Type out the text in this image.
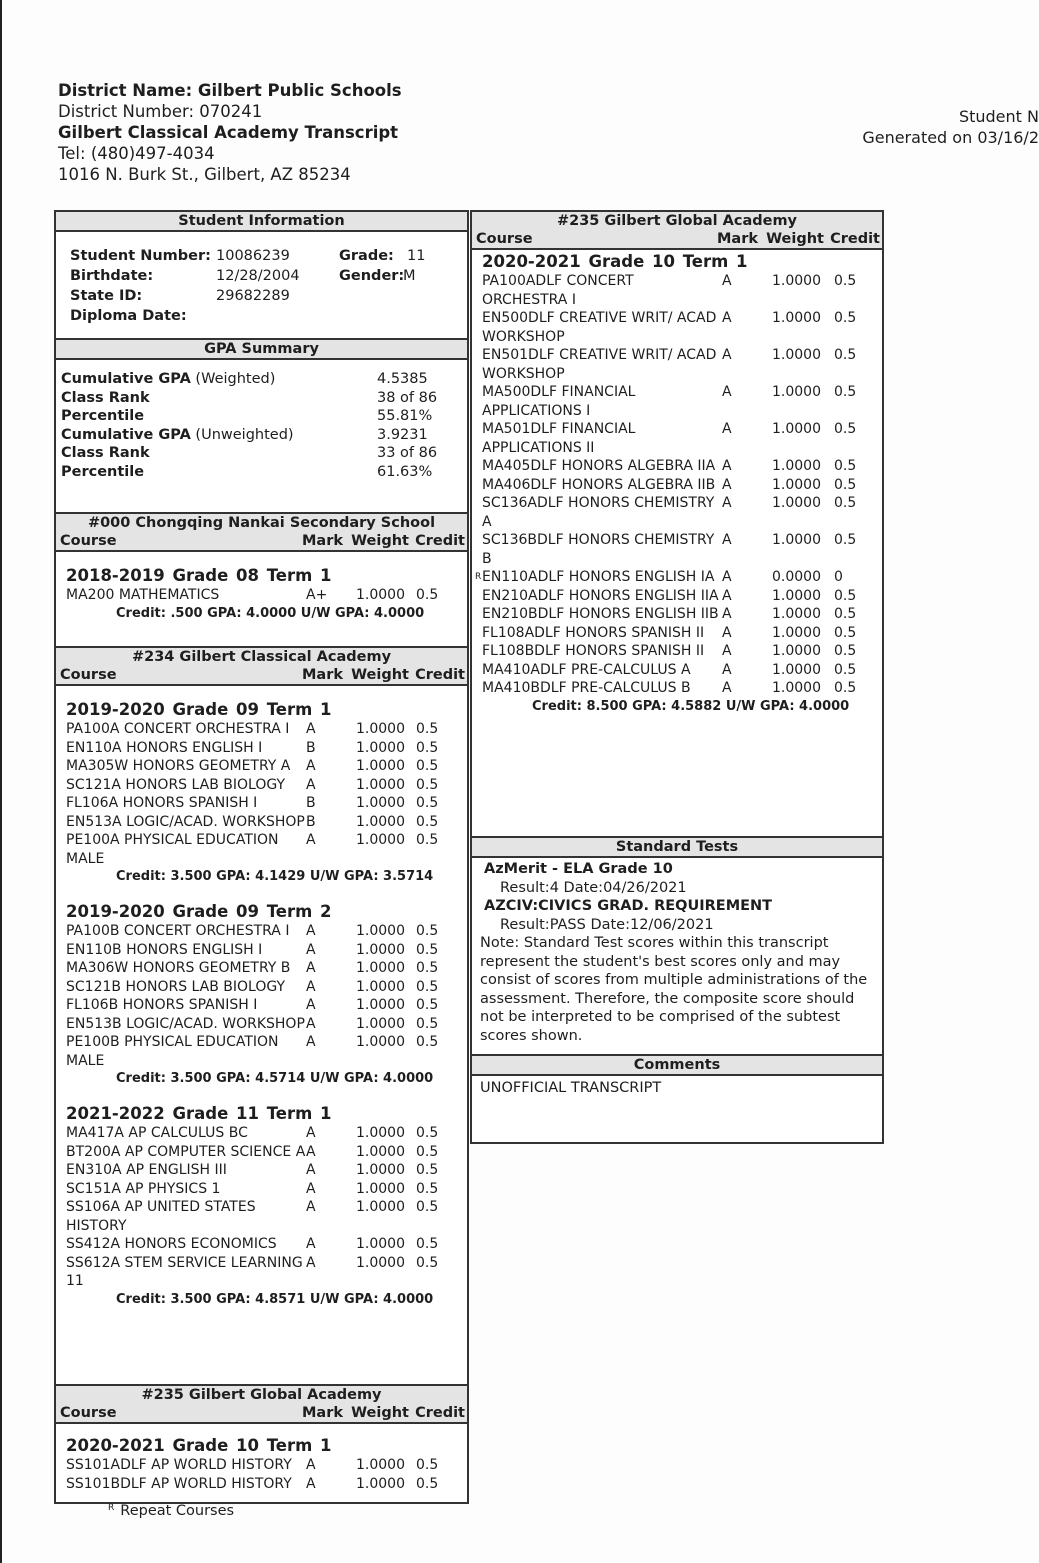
District Name: Gilbert Public Schools
District Number: 070241
Gilbert Classical Academy Transcript
Tel: (480)497-4034
1016 N. Burk St., Gilbert, AZ 85234
Student N
Generated on 03/16/2
Student Information
Student Number: 10086239	Grade: 11
Birthdate:	12/28/2004	Gender:
M
State ID:	29682289
Diploma Date:
GPA Summary
Cumulative GPA (Weighted)	4.5385
Class Rank	38 of 86
Percentile	55.81%
Cumulative GPA (Unweighted)	3.9231
Class Rank	33 of 86
Percentile	61.63%
#000 Chongqing Nankai Secondary School
Course	Mark Weight Credit
2018-2019 Grade 08 Term 1
MA200 MATHEMATICS	A+	1.0000 0.5
Credit: .500 GPA: 4.0000 U/W GPA: 4.0000
#234 Gilbert Classical Academy
Course	Mark Weight Credit
2019-2020 Grade 09 Term 1
PA100A CONCERT ORCHESTRA I	A	1.0000 0.5
EN110A HONORS ENGLISH I	B	1.0000 0.5
MA305W HONORS GEOMETRY A	A	1.0000 0.5
SC121A HONORS LAB BIOLOGY	A	1.0000 0.5
FL106A HONORS SPANISH I	B	1.0000 0.5
EN513A LOGIC/ACAD. WORKSHOP B	1.0000 0.5
PE100A PHYSICAL EDUCATION MALE
A	1.0000 0.5
Credit: 3.500 GPA: 4.1429 U/W GPA: 3.5714
2019-2020 Grade 09 Term 2
PA100B CONCERT ORCHESTRA I	A	1.0000 0.5
EN110B HONORS ENGLISH I	A	1.0000 0.5
MA306W HONORS GEOMETRY B	A	1.0000 0.5
SC121B HONORS LAB BIOLOGY	A	1.0000 0.5
FL106B HONORS SPANISH I	A	1.0000 0.5
EN513B LOGIC/ACAD. WORKSHOP A	1.0000 0.5
PE100B PHYSICAL EDUCATION MALE
A	1.0000 0.5
Credit: 3.500 GPA: 4.5714 U/W GPA: 4.0000
2021-2022 Grade 11 Term 1
MA417A AP CALCULUS BC	A	1.0000 0.5
BT200A AP COMPUTER SCIENCE A A	1.0000 0.5
EN310A AP ENGLISH III	A	1.0000 0.5
SC151A AP PHYSICS 1	A	1.0000 0.5
SS106A AP UNITED STATES HISTORY
A	1.0000 0.5
SS412A HONORS ECONOMICS	A	1.0000 0.5
SS612A STEM SERVICE LEARNING 11
A	1.0000 0.5
Credit: 3.500 GPA: 4.8571 U/W GPA: 4.0000
#235 Gilbert Global Academy
Course	Mark Weight Credit
2020-2021 Grade 10 Term 1
SS101ADLF AP WORLD HISTORY	A	1.0000 0.5
SS101BDLF AP WORLD HISTORY	A	1.0000 0.5
#235 Gilbert Global Academy
Course	Mark Weight Credit
2020-2021 Grade 10 Term 1
PA100ADLF CONCERT ORCHESTRA I
A	1.0000 0.5
EN500DLF CREATIVE WRIT/ ACAD WORKSHOP
A	1.0000 0.5
EN501DLF CREATIVE WRIT/ ACAD WORKSHOP
A	1.0000 0.5
MA500DLF FINANCIAL APPLICATIONS I
A	1.0000 0.5
MA501DLF FINANCIAL APPLICATIONS II
A	1.0000 0.5
MA405DLF HONORS ALGEBRA IIA A	1.0000 0.5
MA406DLF HONORS ALGEBRA IIB A	1.0000 0.5
SC136ADLF HONORS CHEMISTRY A
A	1.0000 0.5
SC136BDLF HONORS CHEMISTRY B
A	1.0000 0.5
R EN110ADLF HONORS ENGLISH IA A	0.0000 0
EN210ADLF HONORS ENGLISH IIA A	1.0000 0.5
EN210BDLF HONORS ENGLISH IIB A	1.0000 0.5
FL108ADLF HONORS SPANISH II	A	1.0000 0.5
FL108BDLF HONORS SPANISH II	A	1.0000 0.5
MA410ADLF PRE-CALCULUS A	A	1.0000 0.5
MA410BDLF PRE-CALCULUS B	A	1.0000 0.5
Credit: 8.500 GPA: 4.5882 U/W GPA: 4.0000
Standard Tests
AzMerit - ELA Grade 10
Result:4 Date:04/26/2021
AZCIV:CIVICS GRAD. REQUIREMENT
Result:PASS Date:12/06/2021
Note: Standard Test scores within this transcript represent the student's best scores only and may consist of scores from multiple administrations of the assessment. Therefore, the composite score should not be interpreted to be comprised of the subtest scores shown.
Comments
UNOFFICIAL TRANSCRIPT
$^R$ Repeat Courses
